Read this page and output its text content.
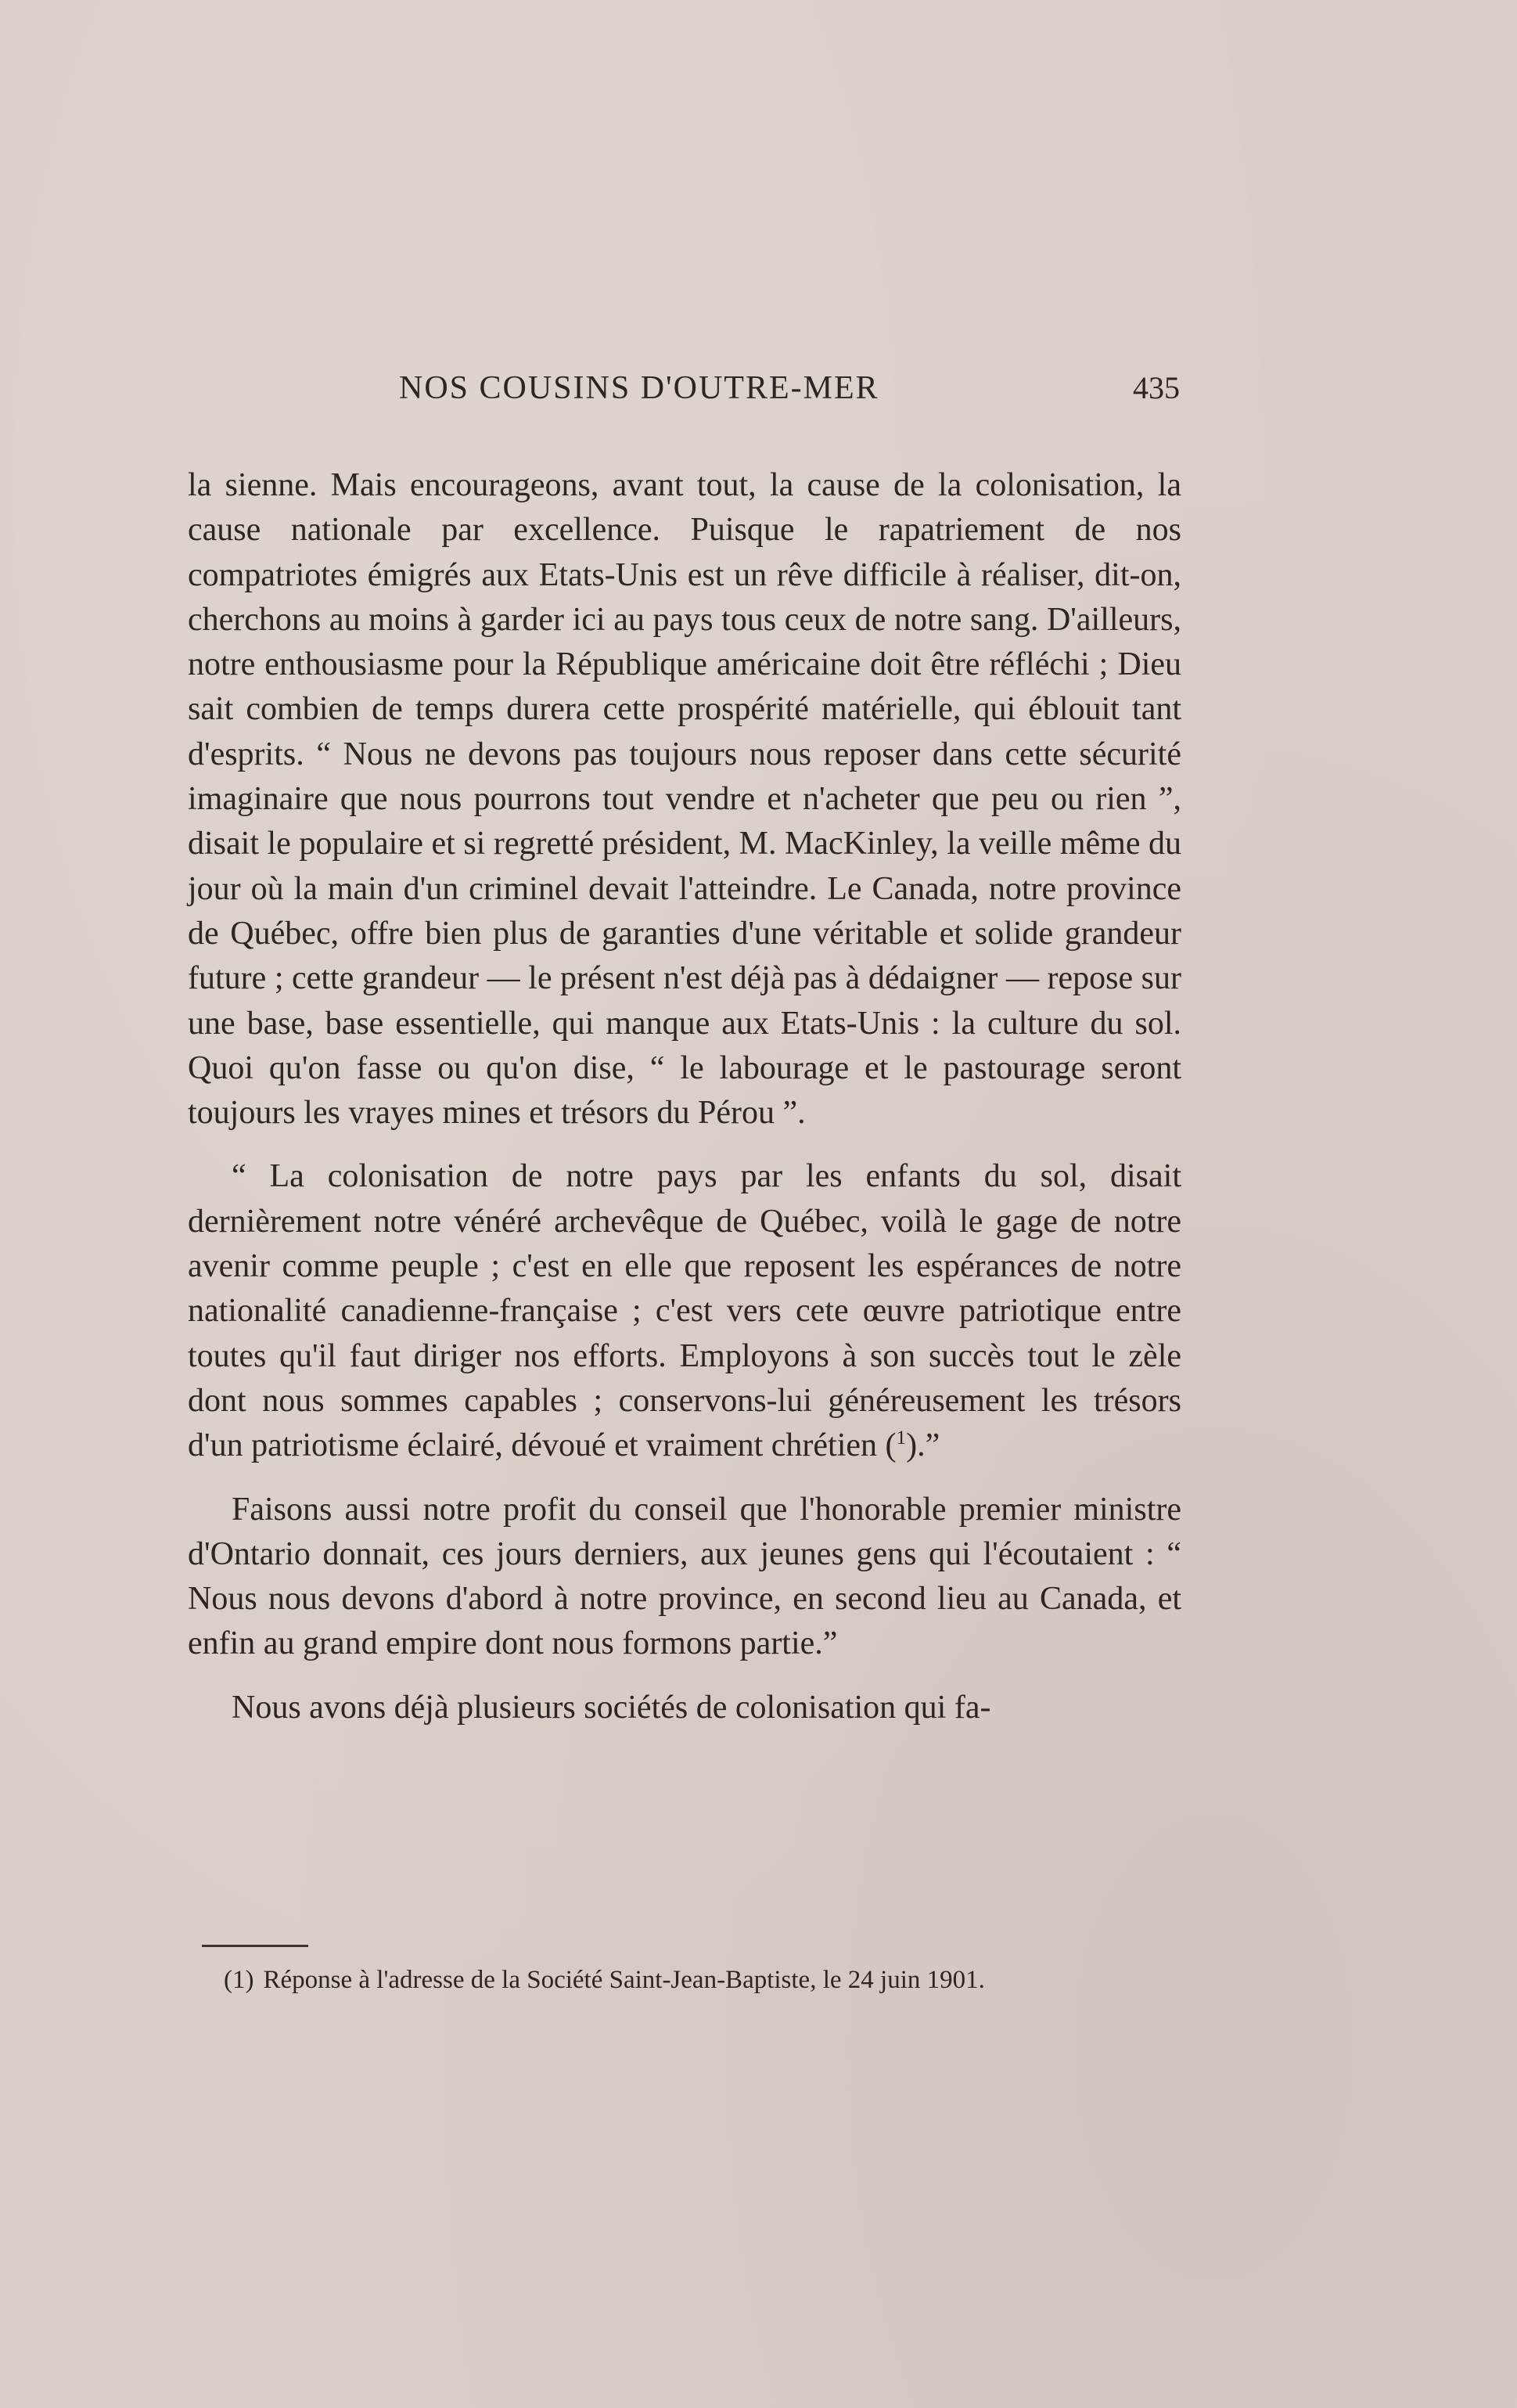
NOS COUSINS D'OUTRE-MER	435

la sienne. Mais encourageons, avant tout, la cause de la colonisation, la cause nationale par excellence. Puisque le rapatriement de nos compatriotes émigrés aux Etats-Unis est un rêve difficile à réaliser, dit-on, cherchons au moins à garder ici au pays tous ceux de notre sang. D'ailleurs, notre enthousiasme pour la République américaine doit être réfléchi ; Dieu sait combien de temps durera cette prospérité matérielle, qui éblouit tant d'esprits. “ Nous ne devons pas toujours nous reposer dans cette sécurité imaginaire que nous pourrons tout vendre et n'acheter que peu ou rien ”, disait le populaire et si regretté président, M. MacKinley, la veille même du jour où la main d'un criminel devait l'atteindre. Le Canada, notre province de Québec, offre bien plus de garanties d'une véritable et solide grandeur future ; cette grandeur — le présent n'est déjà pas à dédaigner — repose sur une base, base essentielle, qui manque aux Etats-Unis : la culture du sol. Quoi qu'on fasse ou qu'on dise, “ le labourage et le pastourage seront toujours les vrayes mines et trésors du Pérou ”.

“ La colonisation de notre pays par les enfants du sol, disait dernièrement notre vénéré archevêque de Québec, voilà le gage de notre avenir comme peuple ; c'est en elle que reposent les espérances de notre nationalité canadienne-française ; c'est vers cete œuvre patriotique entre toutes qu'il faut diriger nos efforts. Employons à son succès tout le zèle dont nous sommes capables ; conservons-lui généreusement les trésors d'un patriotisme éclairé, dévoué et vraiment chrétien ($^1$).”

Faisons aussi notre profit du conseil que l'honorable premier ministre d'Ontario donnait, ces jours derniers, aux jeunes gens qui l'écoutaient : “ Nous nous devons d'abord à notre province, en second lieu au Canada, et enfin au grand empire dont nous formons partie.”

Nous avons déjà plusieurs sociétés de colonisation qui fa-

(1) Réponse à l'adresse de la Société Saint-Jean-Baptiste, le 24 juin 1901.
